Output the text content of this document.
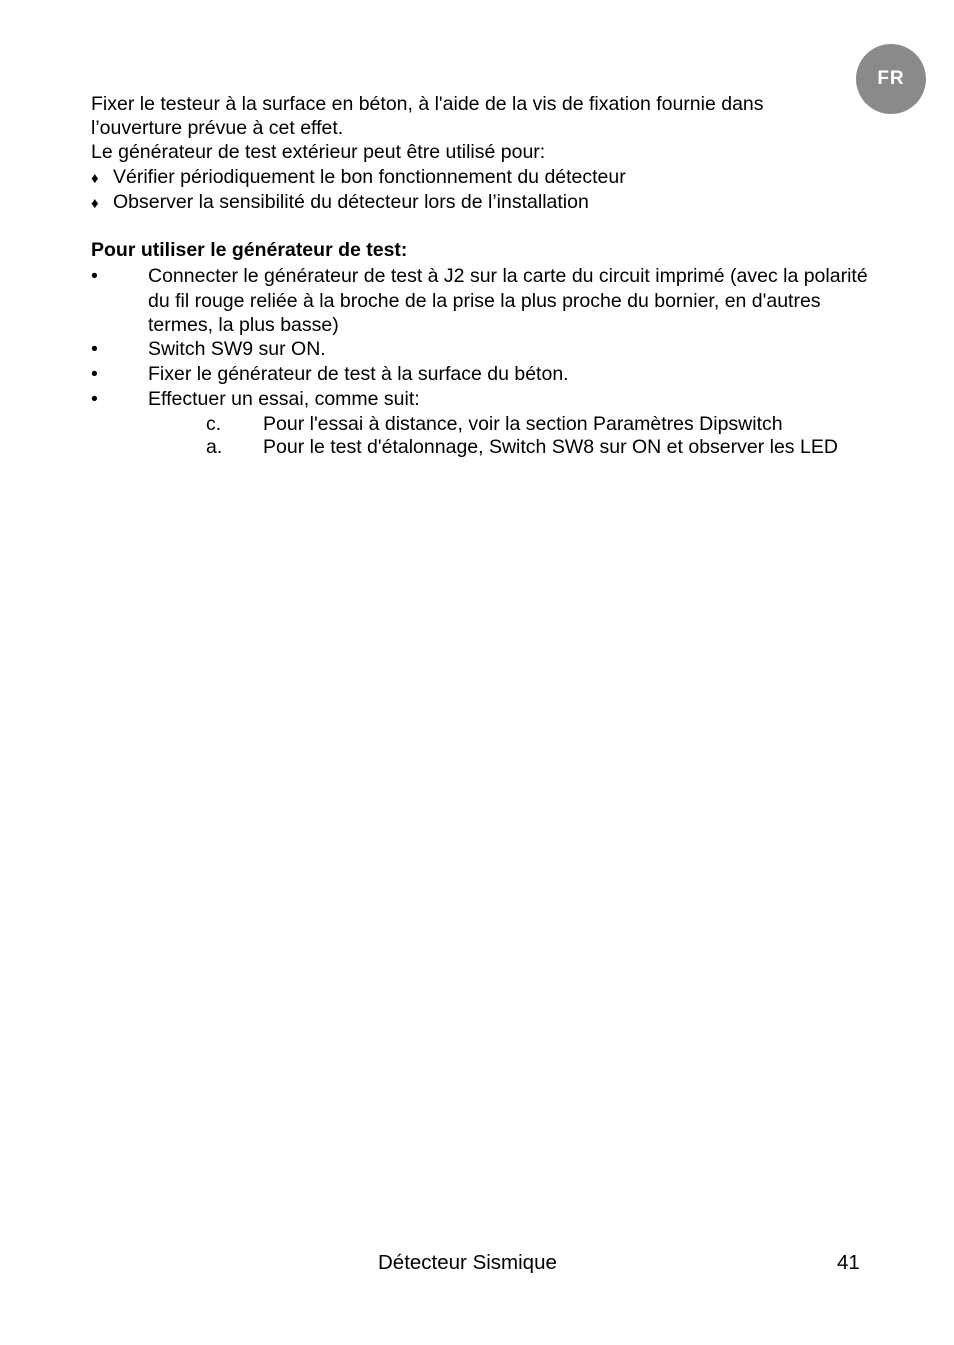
FR
Fixer le testeur à la surface en béton, à l'aide de la vis de fixation fournie dans
l’ouverture prévue à cet effet.
Le générateur de test extérieur peut être utilisé pour:
♦ Vérifier périodiquement le bon fonctionnement du détecteur
♦ Observer la sensibilité du détecteur lors de l’installation
Pour utiliser le générateur de test:
•	Connecter le générateur de test à J2 sur la carte du circuit imprimé (avec la polarité du fil rouge reliée à la broche de la prise la plus proche du bornier, en d'autres termes, la plus basse)
•	Switch SW9 sur ON.
•	Fixer le générateur de test à la surface du béton.
•	Effectuer un essai, comme suit:
c. Pour l'essai à distance, voir la section Paramètres Dipswitch
a. Pour le test d'étalonnage, Switch SW8 sur ON et observer les LED
Détecteur Sismique	41
